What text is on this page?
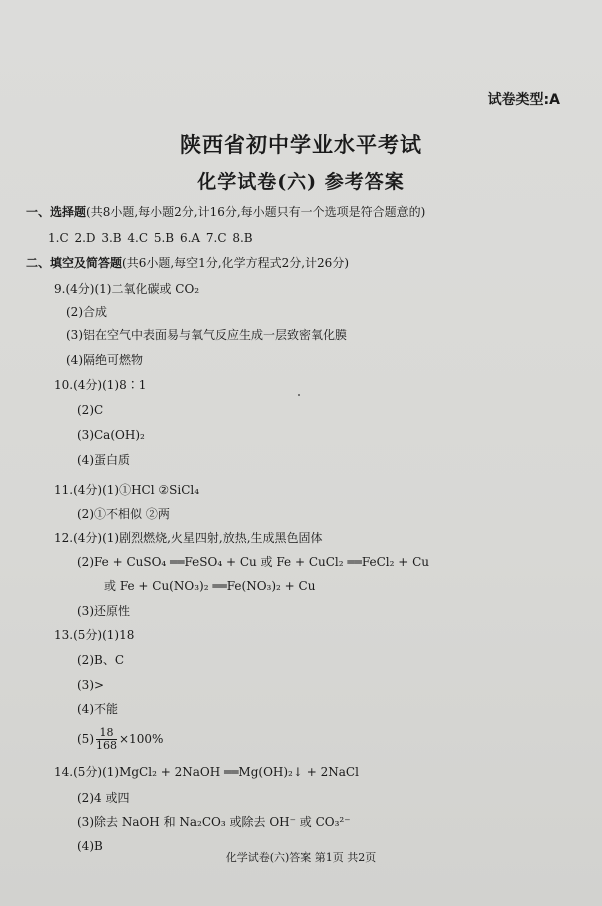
试卷类型:A
陕西省初中学业水平考试
化学试卷(六) 参考答案
一、选择题(共8小题,每小题2分,计16分,每小题只有一个选项是符合题意的)
1.C 2.D 3.B 4.C 5.B 6.A 7.C 8.B
二、填空及简答题(共6小题,每空1分,化学方程式2分,计26分)
9.(4分)(1)二氧化碳或 CO₂
(2)合成
(3)铝在空气中表面易与氧气反应生成一层致密氧化膜
(4)隔绝可燃物
10.(4分)(1)8∶1
(2)C
(3)Ca(OH)₂
(4)蛋白质
11.(4分)(1)①HCl ②SiCl₄
(2)①不相似 ②两
12.(4分)(1)剧烈燃烧,火星四射,放热,生成黑色固体
(2)Fe + CuSO₄ ══FeSO₄ + Cu 或 Fe + CuCl₂ ══FeCl₂ + Cu
或 Fe + Cu(NO₃)₂ ══Fe(NO₃)₂ + Cu
(3)还原性
13.(5分)(1)18
(2)B、C
(3)>
(4)不能
$(5) \frac{18}{168} \times 100\%$
14.(5分)(1)MgCl₂ + 2NaOH ══Mg(OH)₂↓ + 2NaCl
(2)4 或四
(3)除去 NaOH 和 Na₂CO₃ 或除去 OH⁻ 或 CO₃²⁻
(4)B
化学试卷(六)答案 第1页 共2页
